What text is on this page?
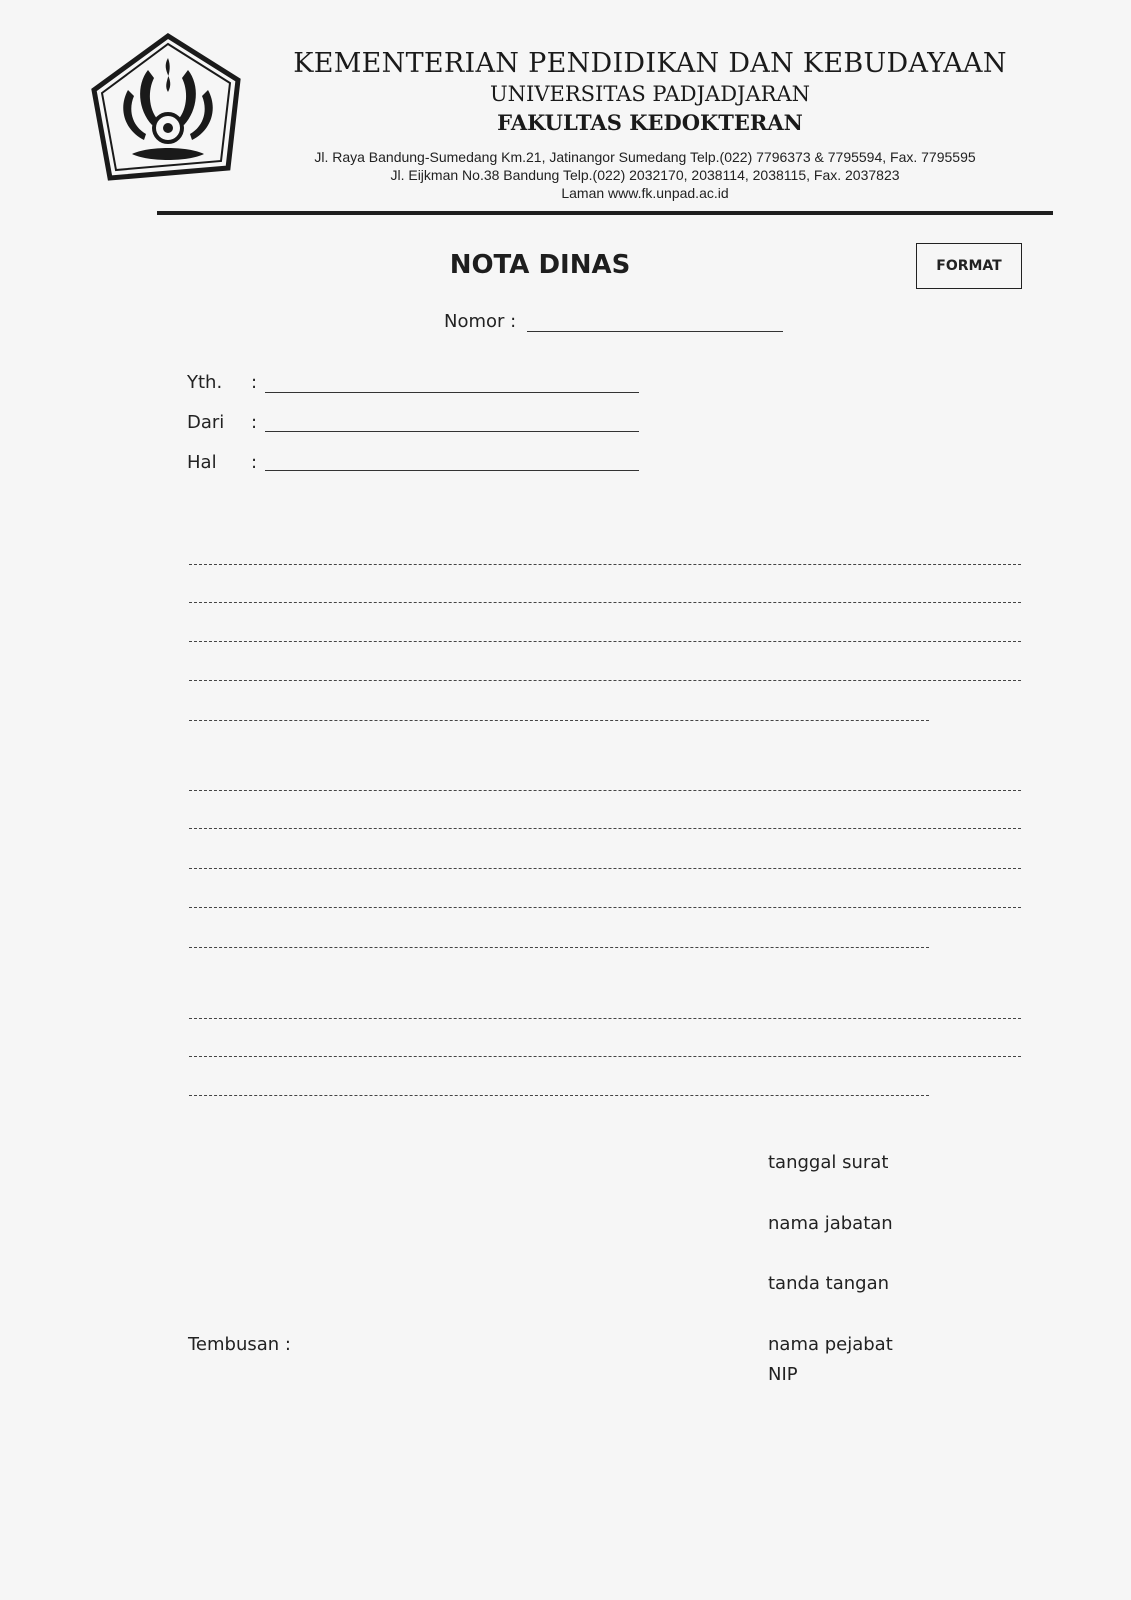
KEMENTERIAN PENDIDIKAN DAN KEBUDAYAAN
UNIVERSITAS PADJADJARAN
FAKULTAS KEDOKTERAN
Jl. Raya Bandung-Sumedang Km.21, Jatinangor Sumedang Telp.(022) 7796373 & 7795594, Fax. 7795595
Jl. Eijkman No.38 Bandung Telp.(022) 2032170, 2038114, 2038115, Fax. 2037823
Laman www.fk.unpad.ac.id
NOTA DINAS	FORMAT
Nomor :
Yth. :
Dari :
Hal :
tanggal surat
nama jabatan
tanda tangan
nama pejabat
NIP
Tembusan :
